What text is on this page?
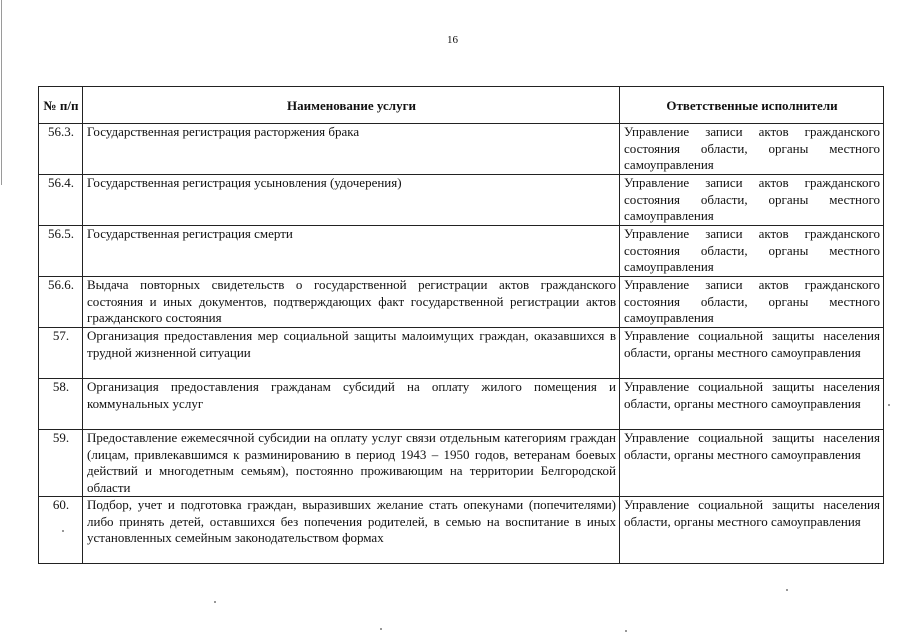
16
№ п/п	Наименование услуги	Ответственные исполнители
56.3.	Государственная регистрация расторжения брака	Управление записи актов гражданского состояния области, органы местного самоуправления
56.4.	Государственная регистрация усыновления (удочерения)	Управление записи актов гражданского состояния области, органы местного самоуправления
56.5.	Государственная регистрация смерти	Управление записи актов гражданского состояния области, органы местного самоуправления
56.6.	Выдача повторных свидетельств о государственной регистрации актов гражданского состояния и иных документов, подтверждающих факт государственной регистрации актов гражданского состояния	Управление записи актов гражданского состояния области, органы местного самоуправления
57.	Организация предоставления мер социальной защиты малоимущих граждан, оказавшихся в трудной жизненной ситуации	Управление социальной защиты населения области, органы местного самоуправления
58.	Организация предоставления гражданам субсидий на оплату жилого помещения и коммунальных услуг	Управление социальной защиты населения области, органы местного самоуправления
59.	Предоставление ежемесячной субсидии на оплату услуг связи отдельным категориям граждан (лицам, привлекавшимся к разминированию в период 1943 – 1950 годов, ветеранам боевых действий и многодетным семьям), постоянно проживающим на территории Белгородской области	Управление социальной защиты населения области, органы местного самоуправления
60.	Подбор, учет и подготовка граждан, выразивших желание стать опекунами (попечителями) либо принять детей, оставшихся без попечения родителей, в семью на воспитание в иных установленных семейным законодательством формах	Управление социальной защиты населения области, органы местного самоуправления
